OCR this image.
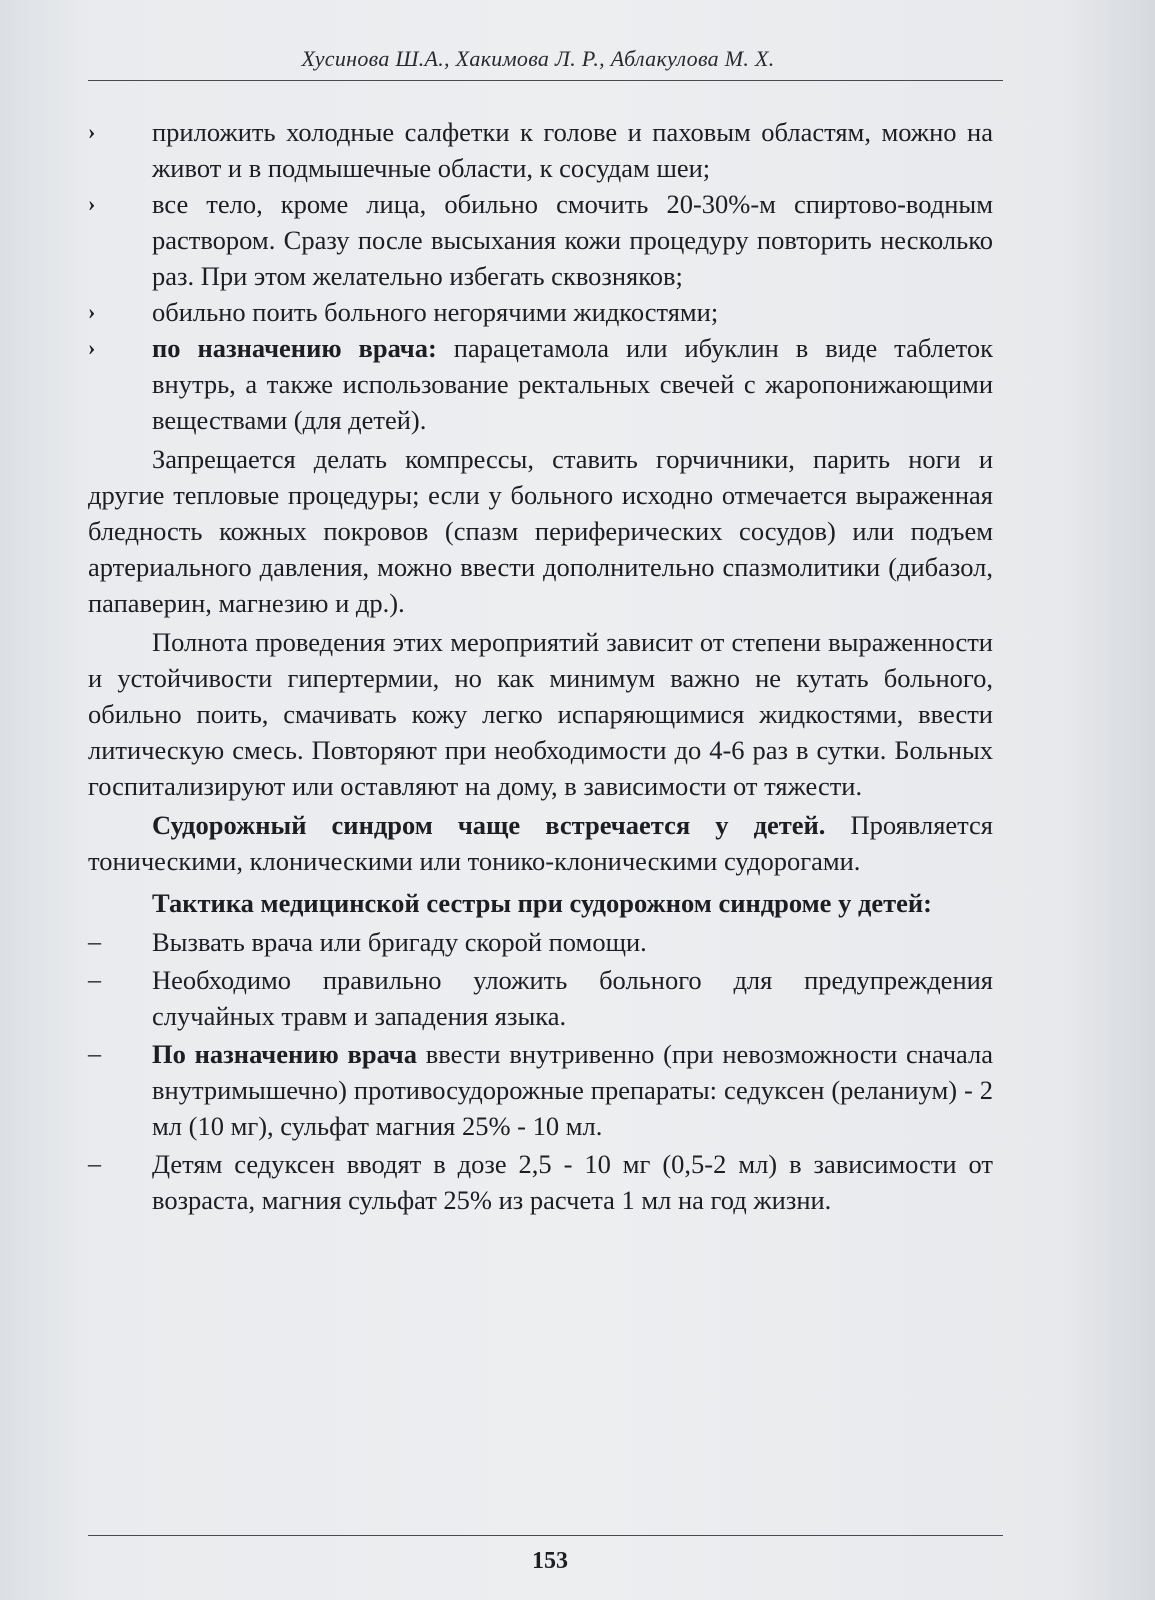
Хусинова Ш.А., Хакимова Л. Р., Аблакулова М. Х.
›	приложить холодные салфетки к голове и паховым областям, можно на живот и в подмышечные области, к сосудам шеи;
›	все тело, кроме лица, обильно смочить 20-30%-м спиртово-водным раствором. Сразу после высыхания кожи процедуру повторить несколько раз. При этом желательно избегать сквозняков;
›	обильно поить больного негорячими жидкостями;
›	по назначению врача: парацетамола или ибуклин в виде таблеток внутрь, а также использование ректальных свечей с жаропонижающими веществами (для детей).
Запрещается делать компрессы, ставить горчичники, парить ноги и другие тепловые процедуры; если у больного исходно отмечается выраженная бледность кожных покровов (спазм периферических сосудов) или подъем артериального давления, можно ввести дополнительно спазмолитики (дибазол, папаверин, магнезию и др.).
Полнота проведения этих мероприятий зависит от степени выраженности и устойчивости гипертермии, но как минимум важно не кутать больного, обильно поить, смачивать кожу легко испаряющимися жидкостями, ввести литическую смесь. Повторяют при необходимости до 4-6 раз в сутки. Больных госпитализируют или оставляют на дому, в зависимости от тяжести.
Судорожный синдром чаще встречается у детей. Проявляется тоническими, клоническими или тонико-клоническими судорогами.
Тактика медицинской сестры при судорожном синдроме у детей:
–	Вызвать врача или бригаду скорой помощи.
–	Необходимо правильно уложить больного для предупреждения случайных травм и западения языка.
–	По назначению врача ввести внутривенно (при невозможности сначала внутримышечно) противосудорожные препараты: седуксен (реланиум) - 2 мл (10 мг), сульфат магния 25% - 10 мл.
–	Детям седуксен вводят в дозе 2,5 - 10 мг (0,5-2 мл) в зависимости от возраста, магния сульфат 25% из расчета 1 мл на год жизни.
153
